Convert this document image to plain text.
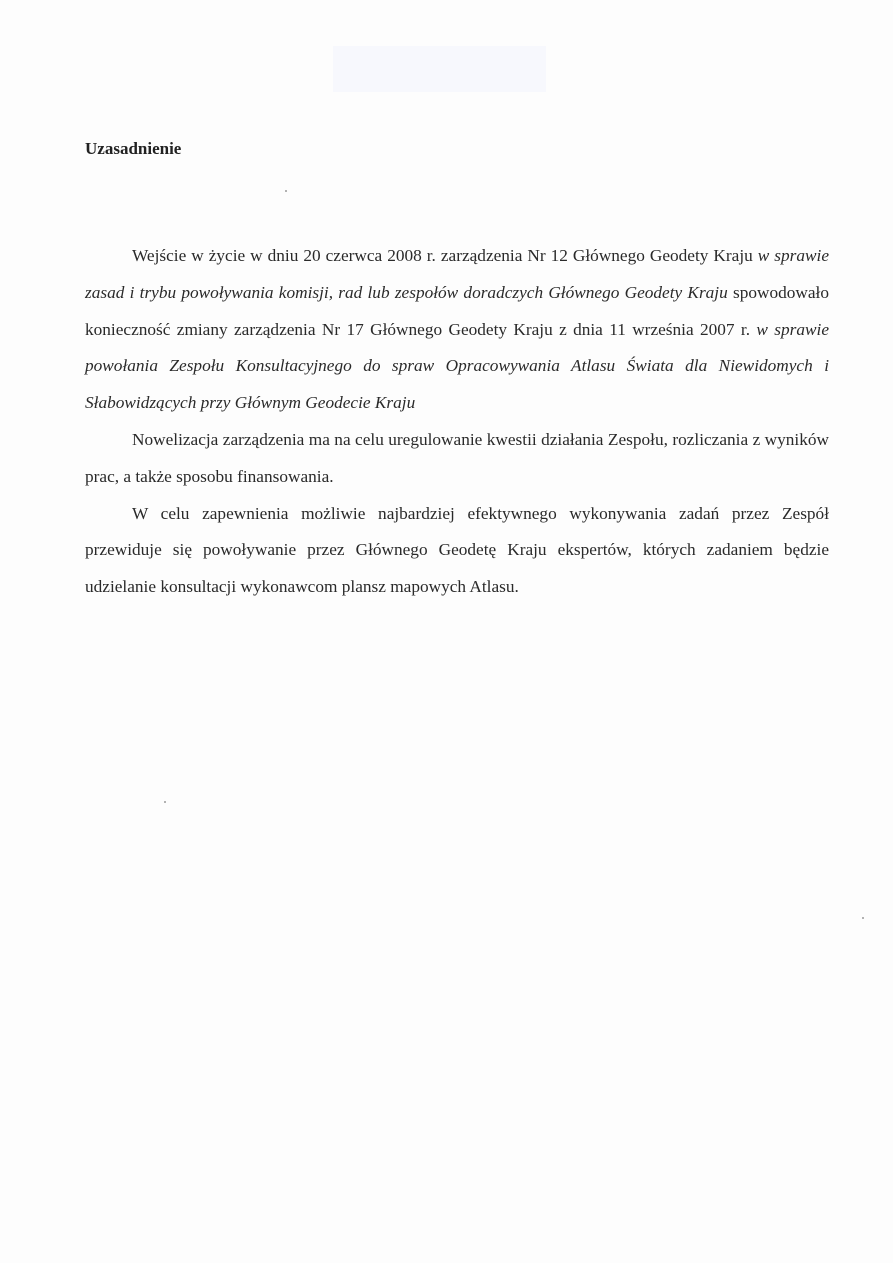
Uzasadnienie

Wejście w życie w dniu 20 czerwca 2008 r. zarządzenia Nr 12 Głównego Geodety Kraju w sprawie zasad i trybu powoływania komisji, rad lub zespołów doradczych Głównego Geodety Kraju spowodowało konieczność zmiany zarządzenia Nr 17 Głównego Geodety Kraju z dnia 11 września 2007 r. w sprawie powołania Zespołu Konsultacyjnego do spraw Opracowywania Atlasu Świata dla Niewidomych i Słabowidzących przy Głównym Geodecie Kraju

Nowelizacja zarządzenia ma na celu uregulowanie kwestii działania Zespołu, rozliczania z wyników prac, a także sposobu finansowania.

W celu zapewnienia możliwie najbardziej efektywnego wykonywania zadań przez Zespół przewiduje się powoływanie przez Głównego Geodetę Kraju ekspertów, których zadaniem będzie udzielanie konsultacji wykonawcom plansz mapowych Atlasu.
